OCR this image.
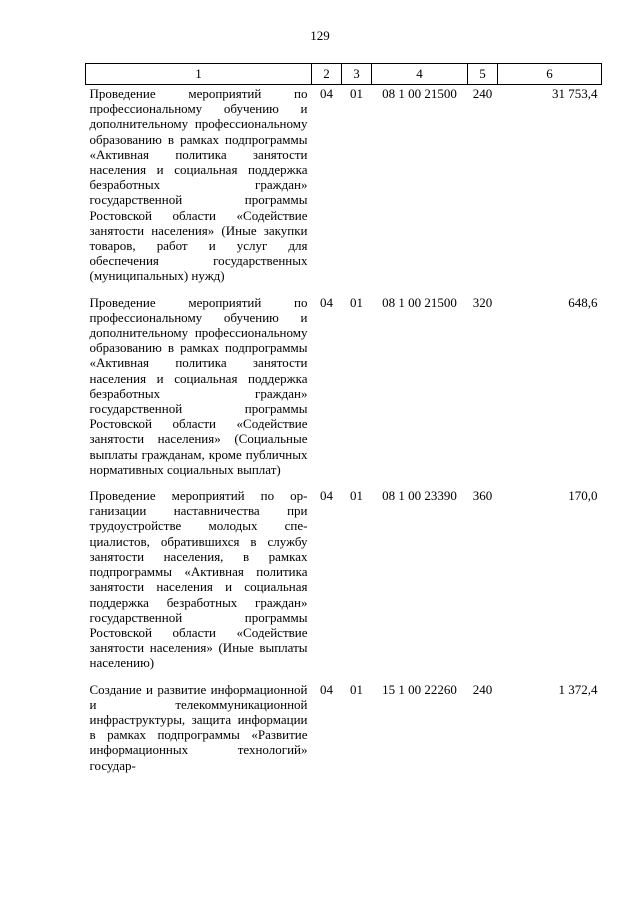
129
1	2	3	4	5	6
Проведение мероприятий по профессиональному обучению и дополнительному профессиональному образованию в рамках подпрограммы «Активная политика занятости населения и социальная поддержка безработных граждан» государственной программы Ростовской области «Содействие занятости населения» (Иные закупки товаров, работ и услуг для обеспечения государственных (муниципальных) нужд)	04	01	08 1 00 21500	240	31 753,4
Проведение мероприятий по профессиональному обучению и дополнительному профессиональному образованию в рамках подпрограммы «Активная политика занятости населения и социальная поддержка безработных граждан» государственной программы Ростовской области «Содействие занятости населения» (Социальные выплаты гражданам, кроме публичных нормативных социальных выплат)	04	01	08 1 00 21500	320	648,6
Проведение мероприятий по организации наставничества при трудоустройстве молодых специалистов, обратившихся в службу занятости населения, в рамках подпрограммы «Активная политика занятости населения и социальная поддержка безработных граждан» государственной программы Ростовской области «Содействие занятости населения» (Иные выплаты населению)	04	01	08 1 00 23390	360	170,0
Создание и развитие информационной и телекоммуникационной инфраструктуры, защита информации в рамках подпрограммы «Развитие информационных технологий» государ-	04	01	15 1 00 22260	240	1 372,4
